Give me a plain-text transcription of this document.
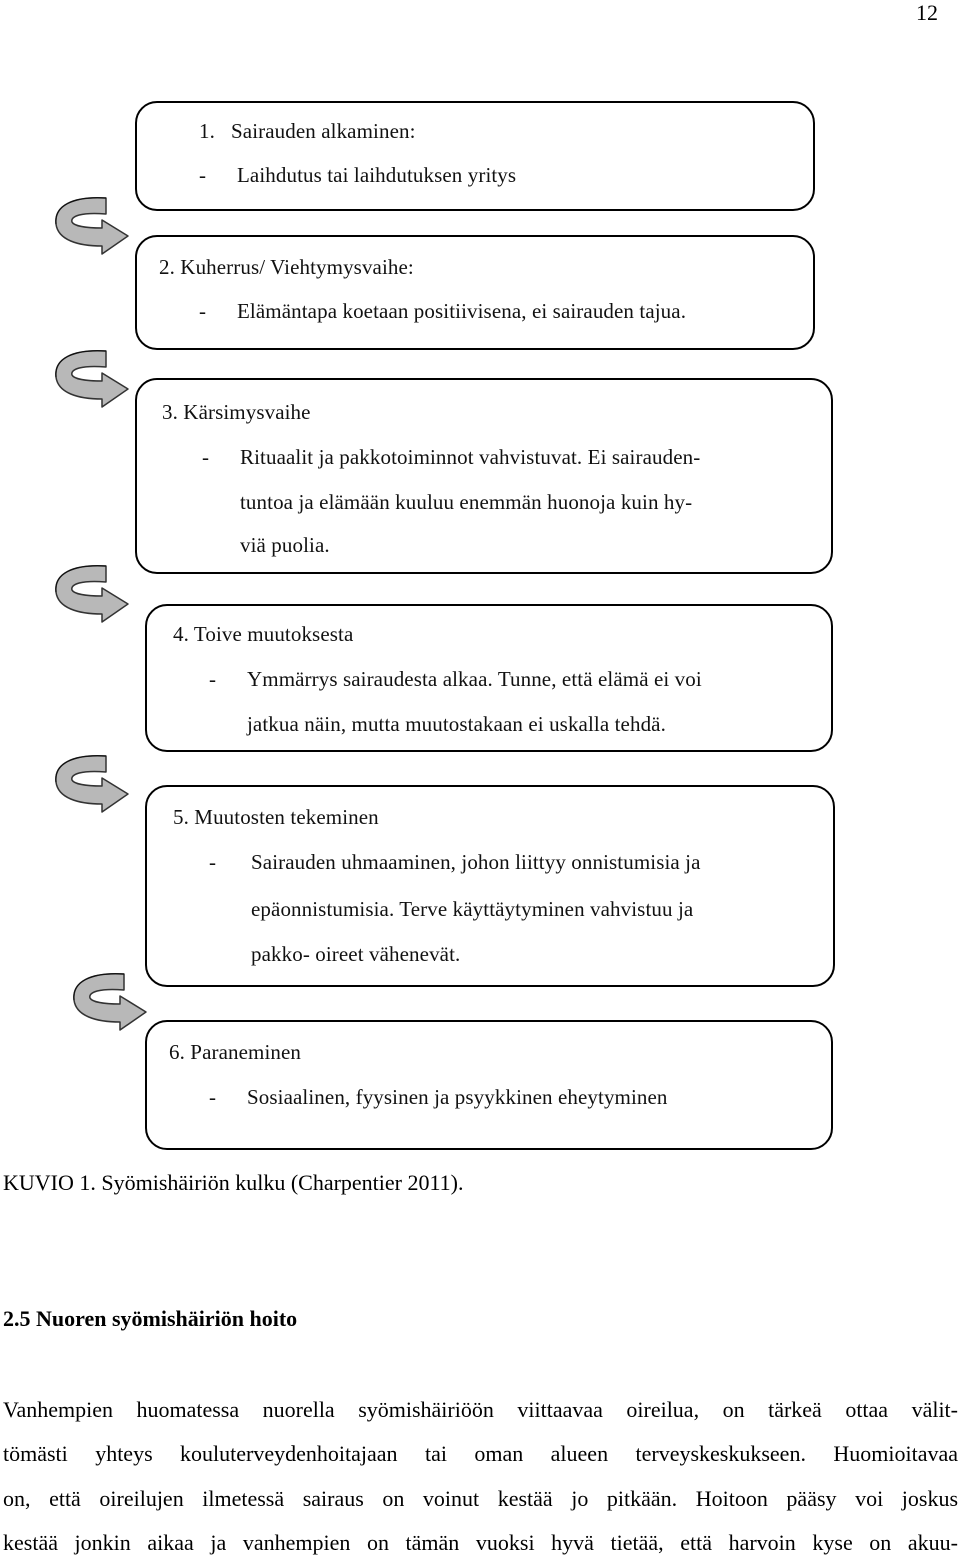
12
1.   Sairauden alkaminen:
- Laihdutus tai laihdutuksen yritys
2. Kuherrus/ Viehtymysvaihe:
- Elämäntapa koetaan positiivisena, ei sairauden tajua.
3. Kärsimysvaihe
- Rituaalit ja pakkotoiminnot vahvistuvat. Ei sairauden-
tuntoa ja elämään kuuluu enemmän huonoja kuin hy-
viä puolia.
4. Toive muutoksesta
- Ymmärrys sairaudesta alkaa. Tunne, että elämä ei voi
jatkua näin, mutta muutostakaan ei uskalla tehdä.
5. Muutosten tekeminen
- Sairauden uhmaaminen, johon liittyy onnistumisia ja
epäonnistumisia. Terve käyttäytyminen vahvistuu ja
pakko- oireet vähenevät.
6. Paraneminen
- Sosiaalinen, fyysinen ja psyykkinen eheytyminen
KUVIO 1. Syömishäiriön kulku (Charpentier 2011).
2.5 Nuoren syömishäiriön hoito
Vanhempien huomatessa nuorella syömishäiriöön viittaavaa oireilua, on tärkeä ottaa välit-
tömästi yhteys kouluterveydenhoitajaan tai oman alueen terveyskeskukseen. Huomioitavaa
on, että oireilujen ilmetessä sairaus on voinut kestää jo pitkään. Hoitoon pääsy voi joskus
kestää jonkin aikaa ja vanhempien on tämän vuoksi hyvä tietää, että harvoin kyse on akuu-
